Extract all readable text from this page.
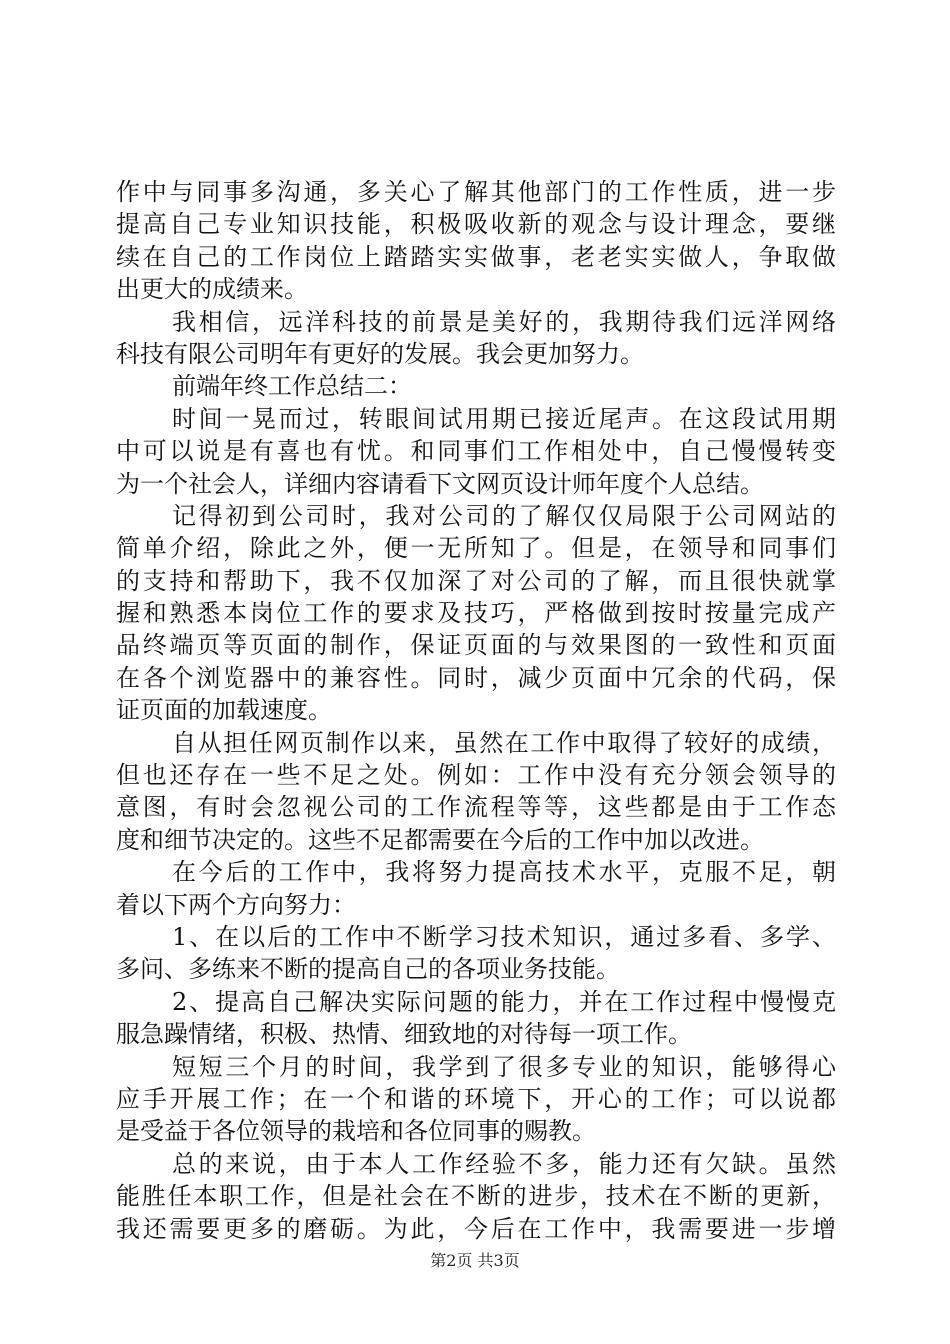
作中与同事多沟通，多关心了解其他部门的工作性质，进一步
提高自己专业知识技能，积极吸收新的观念与设计理念，要继
续在自己的工作岗位上踏踏实实做事，老老实实做人，争取做
出更大的成绩来。
我相信，远洋科技的前景是美好的，我期待我们远洋网络
科技有限公司明年有更好的发展。我会更加努力。
前端年终工作总结二：
时间一晃而过，转眼间试用期已接近尾声。在这段试用期
中可以说是有喜也有忧。和同事们工作相处中，自己慢慢转变
为一个社会人，详细内容请看下文网页设计师年度个人总结。
记得初到公司时，我对公司的了解仅仅局限于公司网站的
简单介绍，除此之外，便一无所知了。但是，在领导和同事们
的支持和帮助下，我不仅加深了对公司的了解，而且很快就掌
握和熟悉本岗位工作的要求及技巧，严格做到按时按量完成产
品终端页等页面的制作，保证页面的与效果图的一致性和页面
在各个浏览器中的兼容性。同时，减少页面中冗余的代码，保
证页面的加载速度。
自从担任网页制作以来，虽然在工作中取得了较好的成绩，
但也还存在一些不足之处。例如：工作中没有充分领会领导的
意图，有时会忽视公司的工作流程等等，这些都是由于工作态
度和细节决定的。这些不足都需要在今后的工作中加以改进。
在今后的工作中，我将努力提高技术水平，克服不足，朝
着以下两个方向努力：
1、在以后的工作中不断学习技术知识，通过多看、多学、
多问、多练来不断的提高自己的各项业务技能。
2、提高自己解决实际问题的能力，并在工作过程中慢慢克
服急躁情绪，积极、热情、细致地的对待每一项工作。
短短三个月的时间，我学到了很多专业的知识，能够得心
应手开展工作；在一个和谐的环境下，开心的工作；可以说都
是受益于各位领导的栽培和各位同事的赐教。
总的来说，由于本人工作经验不多，能力还有欠缺。虽然
能胜任本职工作，但是社会在不断的进步，技术在不断的更新，
我还需要更多的磨砺。为此，今后在工作中，我需要进一步增
第2页 共3页
